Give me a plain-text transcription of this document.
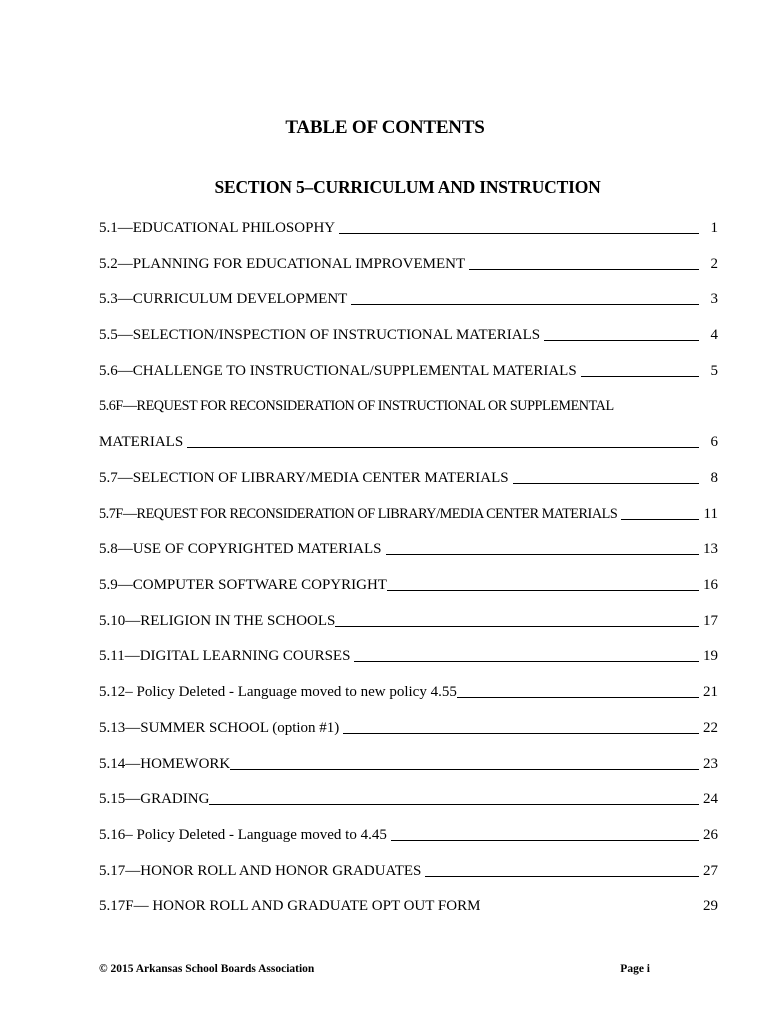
TABLE OF CONTENTS
SECTION 5–CURRICULUM AND INSTRUCTION
5.1—EDUCATIONAL PHILOSOPHY	1
5.2—PLANNING FOR EDUCATIONAL IMPROVEMENT	2
5.3—CURRICULUM DEVELOPMENT	3
5.5—SELECTION/INSPECTION OF INSTRUCTIONAL MATERIALS	4
5.6—CHALLENGE TO INSTRUCTIONAL/SUPPLEMENTAL MATERIALS	5
5.6F—REQUEST FOR RECONSIDERATION OF INSTRUCTIONAL OR SUPPLEMENTAL
MATERIALS	6
5.7—SELECTION OF LIBRARY/MEDIA CENTER MATERIALS	8
5.7F—REQUEST FOR RECONSIDERATION OF LIBRARY/MEDIA CENTER MATERIALS	11
5.8—USE OF COPYRIGHTED MATERIALS	13
5.9—COMPUTER SOFTWARE COPYRIGHT	16
5.10—RELIGION IN THE SCHOOLS	17
5.11—DIGITAL LEARNING COURSES	19
5.12– Policy Deleted - Language moved to new policy 4.55	21
5.13—SUMMER SCHOOL (option #1)	22
5.14—HOMEWORK	23
5.15—GRADING	24
5.16– Policy Deleted - Language moved to 4.45	26
5.17—HONOR ROLL AND HONOR GRADUATES	27
5.17F— HONOR ROLL AND GRADUATE OPT OUT FORM	29
© 2015 Arkansas School Boards Association	Page i
